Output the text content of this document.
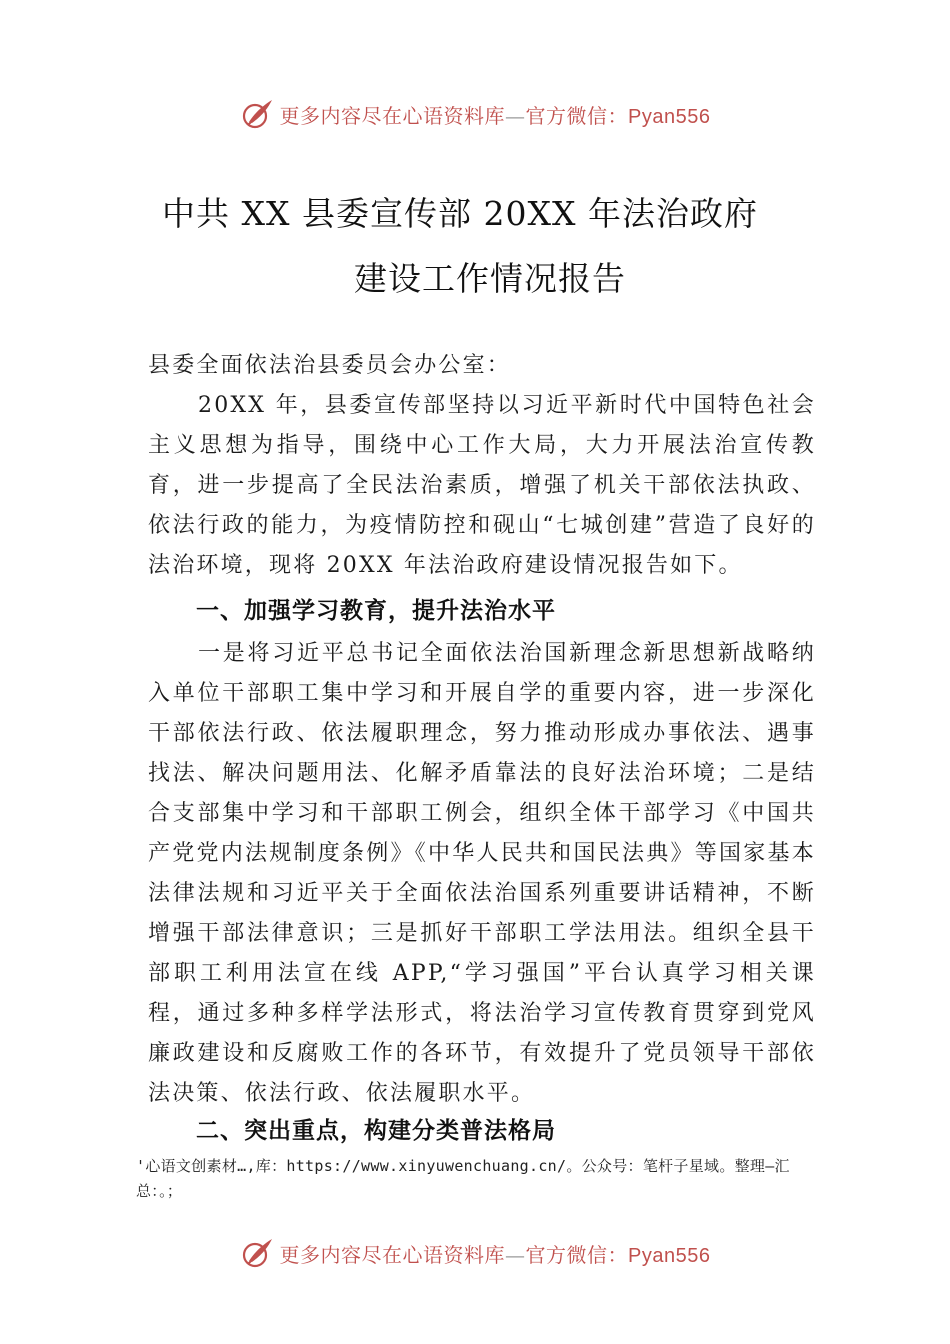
更多内容尽在心语资料库—官方微信：Pyan556
中共 XX 县委宣传部 20XX 年法治政府
建设工作情况报告
县委全面依法治县委员会办公室：
20XX 年，县委宣传部坚持以习近平新时代中国特色社会主义思想为指导，围绕中心工作大局，大力开展法治宣传教育，进一步提高了全民法治素质，增强了机关干部依法执政、依法行政的能力，为疫情防控和砚山“七城创建”营造了良好的法治环境，现将 20XX 年法治政府建设情况报告如下。
一、加强学习教育，提升法治水平
一是将习近平总书记全面依法治国新理念新思想新战略纳入单位干部职工集中学习和开展自学的重要内容，进一步深化干部依法行政、依法履职理念，努力推动形成办事依法、遇事找法、解决问题用法、化解矛盾靠法的良好法治环境；二是结合支部集中学习和干部职工例会，组织全体干部学习《中国共产党党内法规制度条例》《中华人民共和国民法典》等国家基本法律法规和习近平关于全面依法治国系列重要讲话精神，不断增强干部法律意识；三是抓好干部职工学法用法。组织全县干部职工利用法宣在线 APP,“学习强国”平台认真学习相关课程，通过多种多样学法形式，将法治学习宣传教育贯穿到党风廉政建设和反腐败工作的各环节，有效提升了党员领导干部依法决策、依法行政、依法履职水平。
二、突出重点，构建分类普法格局
'心语文创素材…,库：https://www.xinyuwenchuang.cn/。公众号：笔杆子星域。整理—汇总：。；
更多内容尽在心语资料库—官方微信：Pyan556
